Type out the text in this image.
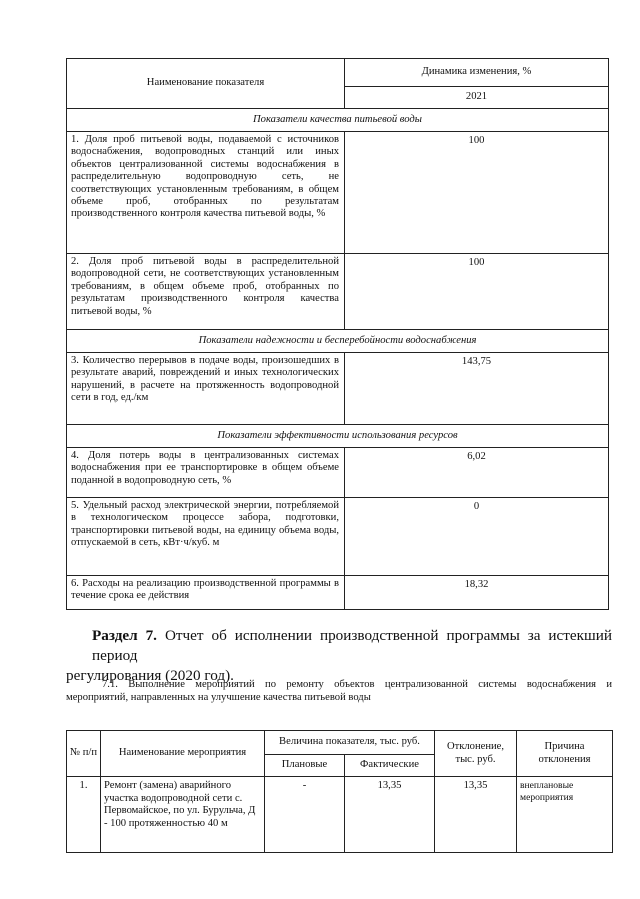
Наименование показателя	Динамика изменения, %
	2021
Показатели качества питьевой воды	
1. Доля проб питьевой воды, подаваемой с источников водоснабжения, водопроводных станций или иных объектов централизованной системы водоснабжения в распределительную водопроводную сеть, не соответствующих установленным требованиям, в общем объеме проб, отобранных по результатам производственного контроля качества питьевой воды, %	100
2. Доля проб питьевой воды в распределительной водопроводной сети, не соответствующих установленным требованиям, в общем объеме проб, отобранных по результатам производственного контроля качества питьевой воды, %	100
Показатели надежности и бесперебойности водоснабжения	
3. Количество перерывов в подаче воды, произошедших в результате аварий, повреждений и иных технологических нарушений, в расчете на протяженность водопроводной сети в год, ед./км	143,75
Показатели эффективности использования ресурсов	
4. Доля потерь воды в централизованных системах водоснабжения при ее транспортировке в общем объеме поданной в водопроводную сеть, %	6,02
5. Удельный расход электрической энергии, потребляемой в технологическом процессе забора, подготовки, транспортировки питьевой воды, на единицу объема воды, отпускаемой в сеть, кВт·ч/куб. м	0
6. Расходы на реализацию производственной программы в течение срока ее действия	18,32
Раздел 7. Отчет об исполнении производственной программы за истекший период
регулирования (2020 год).
7.1. Выполнение мероприятий по ремонту объектов централизованной системы водоснабжения и
мероприятий, направленных на улучшение качества питьевой воды
№ п/п	Наименование мероприятия	Величина показателя, тыс. руб.		Отклонение, тыс. руб.	Причина отклонения
		Плановые	Фактические		
1.	Ремонт (замена) аварийного участка водопроводной сети с. Первомайское, по ул. Бурульча, Д - 100 протяженностью 40 м	-	13,35	13,35	внеплановые мероприятия
